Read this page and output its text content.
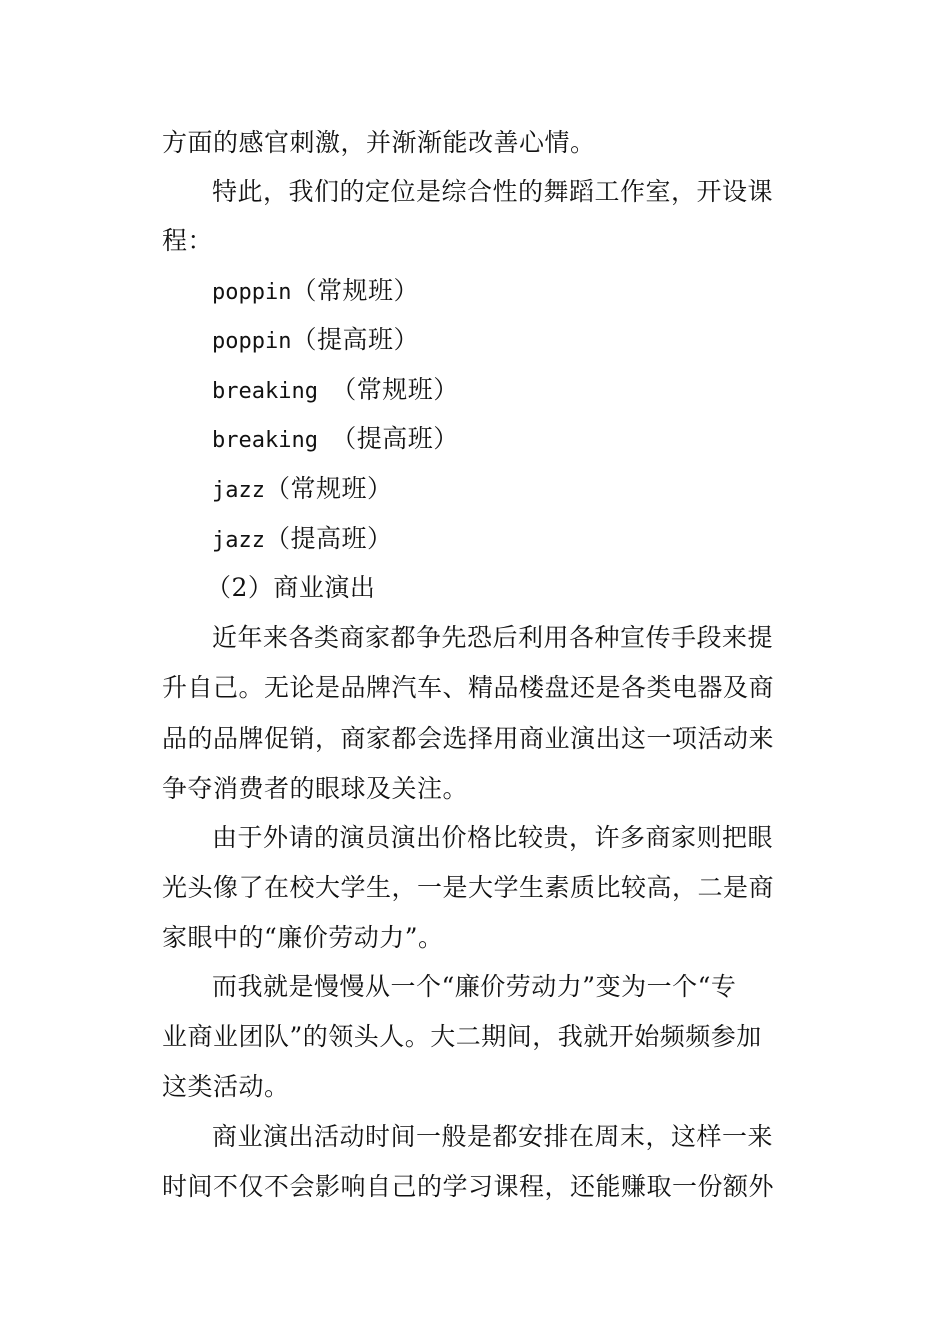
方面的感官刺激，并渐渐能改善心情。
特此，我们的定位是综合性的舞蹈工作室，开设课
程：
poppin（常规班）
poppin（提高班）
breaking （常规班）
breaking （提高班）
jazz（常规班）
jazz（提高班）
（2）商业演出
近年来各类商家都争先恐后利用各种宣传手段来提
升自己。无论是品牌汽车、精品楼盘还是各类电器及商
品的品牌促销，商家都会选择用商业演出这一项活动来
争夺消费者的眼球及关注。
由于外请的演员演出价格比较贵，许多商家则把眼
光头像了在校大学生，一是大学生素质比较高，二是商
家眼中的“廉价劳动力”。
而我就是慢慢从一个“廉价劳动力”变为一个“专
业商业团队”的领头人。大二期间，我就开始频频参加
这类活动。
商业演出活动时间一般是都安排在周末，这样一来
时间不仅不会影响自己的学习课程，还能赚取一份额外
